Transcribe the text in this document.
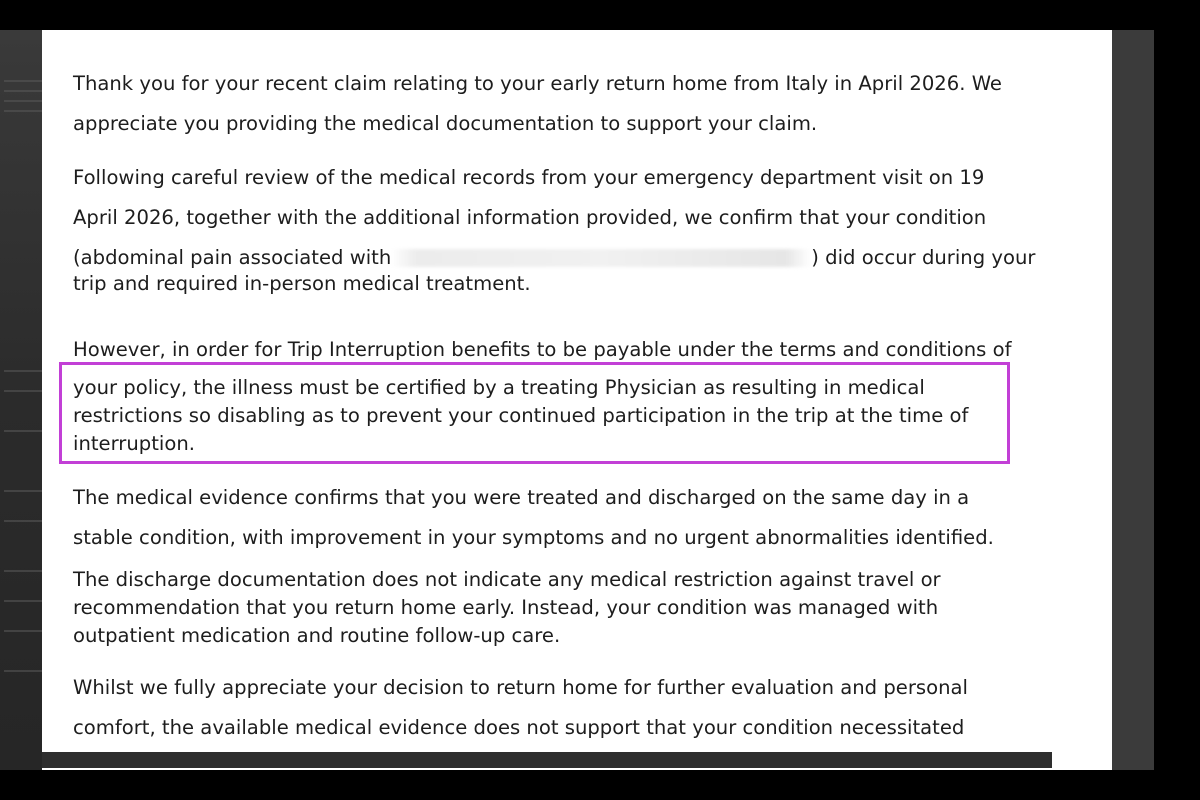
Thank you for your recent claim relating to your early return home from Italy in April 2026. We
appreciate you providing the medical documentation to support your claim.

Following careful review of the medical records from your emergency department visit on 19
April 2026, together with the additional information provided, we confirm that your condition
(abdominal pain associated with	) did occur during your
trip and required in-person medical treatment.

However, in order for Trip Interruption benefits to be payable under the terms and conditions of

your policy, the illness must be certified by a treating Physician as resulting in medical
restrictions so disabling as to prevent your continued participation in the trip at the time of
interruption.

The medical evidence confirms that you were treated and discharged on the same day in a
stable condition, with improvement in your symptoms and no urgent abnormalities identified.

The discharge documentation does not indicate any medical restriction against travel or
recommendation that you return home early. Instead, your condition was managed with
outpatient medication and routine follow-up care.

Whilst we fully appreciate your decision to return home for further evaluation and personal
comfort, the available medical evidence does not support that your condition necessitated
